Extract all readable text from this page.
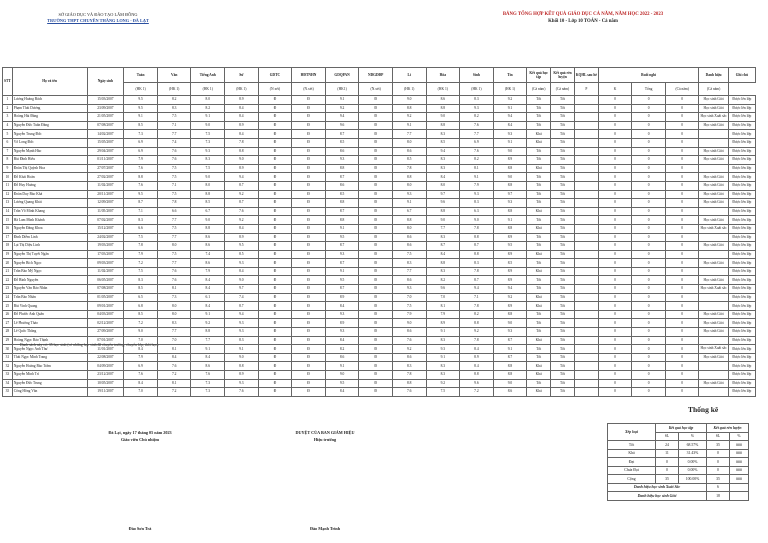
SỞ GIÁO DỤC VÀ ĐÀO TẠO LÂM ĐỒNG
TRƯỜNG THPT CHUYÊN THĂNG LONG - ĐÀ LẠT
BẢNG TỔNG HỢP KẾT QUẢ GIÁO DỤC CẢ NĂM, NĂM HỌC 2022 - 2023
Khối 10 - Lớp 10 TOÁN - Cả năm
STT	Họ và tên	Ngày sinh	Toán	Văn	Tiếng Anh	Sử	GDTC	HĐTNHN	GDQPAN	NDGDĐP	Lí	Hóa	Sinh	Tin	Kết quả học tập	Kết quả rèn luyện	KQHL sau hè	Buổi nghỉ			Danh hiệu	Ghi chú
			(HK 1)	(HK 1)	(HK 1)	(HK 1)	(N xét)	(N.xét)	(HK1)	(N.xét)	(HK 1)	(HK 1)	(HK 1)	(HK 1)	(Cả năm)	(Cả năm)	P	K	Tổng	(Cả năm)	(Cả năm)	
1	Lương Hoàng Bách	15/03/2007	9.5	8.2	8.0	8.9	Đ	Đ	9.1	Đ	9.0	8.6	8.3	9.2	Tốt	Tốt		0	0	0	Học sinh Giỏi	Được lên lớp
2	Phạm Thái Dương	23/09/2007	9.5	8.3	8.2	8.4	Đ	Đ	9.2	Đ	8.8	8.8	9.3	9.1	Tốt	Tốt		0	0	0	Học sinh Giỏi	Được lên lớp
3	Hoàng Hải Đăng	21/05/2007	9.1	7.5	9.1	8.4	Đ	Đ	9.4	Đ	9.2	9.0	8.2	9.4	Tốt	Tốt		0	0	0	Học sinh Xuất sắc	Được lên lớp
4	Nguyễn Đức Tuấn Đăng	07/08/2007	8.5	7.1	9.0	8.9	Đ	Đ	9.6	Đ	9.1	8.8	7.6	8.4	Tốt	Tốt		0	0	0	Học sinh Giỏi	Được lên lớp
5	Nguyễn Trung Đức	14/02/2007	7.3	7.7	7.5	8.4	Đ	Đ	8.7	Đ	7.7	8.3	7.7	9.3	Khá	Tốt		0	0	0		Được lên lớp
6	Võ Long Đức	15/05/2007	6.9	7.4	7.3	7.8	Đ	Đ	8.5	Đ	8.0	8.5	6.9	9.1	Khá	Tốt		0	0	0		Được lên lớp
7	Nguyễn Mạnh Hào	29/04/2007	6.9	7.6	9.3	8.8	Đ	Đ	8.6	Đ	8.6	9.4	7.6	9.0	Tốt	Tốt		0	0	0	Học sinh Giỏi	Được lên lớp
8	Bùi Đình Hiếu	01/11/2007	7.9	7.6	8.3	9.0	Đ	Đ	9.3	Đ	8.5	8.3	8.2	8.9	Tốt	Tốt		0	0	0	Học sinh Giỏi	Được lên lớp
9	Đoàn Thị Quỳnh Hoa	27/07/2007	7.6	7.5	7.5	8.9	Đ	Đ	8.8	Đ	7.8	8.3	8.1	8.8	Khá	Tốt		0	0	0		Được lên lớp
10	Đỗ Khải Hoàn	27/02/2007	8.8	7.5	9.0	9.4	Đ	Đ	8.7	Đ	8.8	8.4	9.1	9.0	Tốt	Tốt		0	0	0	Học sinh Giỏi	Được lên lớp
11	Đỗ Huy Hoàng	11/02/2007	7.6	7.1	8.0	8.7	Đ	Đ	8.6	Đ	8.0	8.0	7.9	8.8	Tốt	Tốt		0	0	0	Học sinh Giỏi	Được lên lớp
12	Đoàn Duy Bảo Khá	20/11/2007	9.5	7.5	8.8	9.2	Đ	Đ	8.5	Đ	9.3	9.7	9.3	9.7	Tốt	Tốt		0	0	0	Học sinh Giỏi	Được lên lớp
13	Lương Quang Khải	12/09/2007	8.7	7.8	8.5	8.7	Đ	Đ	8.8	Đ	9.1	9.6	8.3	9.3	Tốt	Tốt		0	0	0	Học sinh Giỏi	Được lên lớp
14	Trần Võ Minh Khang	11/05/2007	7.1	6.6	6.7	7.6	Đ	Đ	8.7	Đ	6.7	8.8	6.3	8.8	Khá	Tốt		0	0	0		Được lên lớp
15	Hà Lam Minh Khánh	07/02/2007	8.3	7.7	9.0	9.2	Đ	Đ	8.8	Đ	8.8	9.0	9.0	9.1	Tốt	Tốt		0	0	0	Học sinh Giỏi	Được lên lớp
16	Nguyễn Đăng Khoa	15/12/2007	6.6	7.5	8.8	8.4	Đ	Đ	9.1	Đ	8.0	7.7	7.8	8.8	Khá	Tốt		0	0	0	Học sinh Xuất sắc	Được lên lớp
17	Đinh Diễm Linh	24/02/2007	7.5	7.7	8.6	8.9	Đ	Đ	9.5	Đ	8.6	8.3	8.8	8.9	Tốt	Tốt		0	0	0		Được lên lớp
18	Lại Thị Diệu Linh	19/03/2007	7.8	8.0	8.6	9.5	Đ	Đ	8.7	Đ	8.6	8.7	8.7	9.5	Tốt	Tốt		0	0	0	Học sinh Giỏi	Được lên lớp
19	Nguyễn Thị Tuyết Ngân	17/03/2007	7.9	7.5	7.4	8.5	Đ	Đ	9.3	Đ	7.5	8.4	8.8	8.9	Khá	Tốt		0	0	0		Được lên lớp
20	Nguyễn Bích Ngọc	09/03/2007	7.2	7.7	8.6	9.3	Đ	Đ	8.7	Đ	8.3	8.8	8.3	8.5	Tốt	Tốt		0	0	0	Học sinh Giỏi	Được lên lớp
21	Trần Bảo Mỹ Ngọc	11/02/2007	7.5	7.6	7.9	8.4	Đ	Đ	9.1	Đ	7.7	8.3	7.8	8.9	Khá	Tốt		0	0	0		Được lên lớp
22	Đỗ Bình Nguyên	06/05/2007	8.3	7.6	8.4	9.0	Đ	Đ	9.5	Đ	8.6	8.2	8.7	8.9	Tốt	Tốt		0	0	0	Học sinh Giỏi	Được lên lớp
23	Nguyễn Văn Bảo Nhân	07/08/2007	8.5	8.1	8.4	9.7	Đ	Đ	8.7	Đ	9.3	9.6	9.4	9.4	Tốt	Tốt		0	0	0	Học sinh Xuất sắc	Được lên lớp
24	Trần Bảo Nhân	01/05/2007	6.5	7.3	6.1	7.4	Đ	Đ	8.9	Đ	7.0	7.0	7.1	9.2	Khá	Tốt		0	0	0		Được lên lớp
25	Bùi Vinh Quang	09/01/2007	6.8	8.0	8.4	8.7	Đ	Đ	8.4	Đ	7.5	8.1	7.8	8.9	Khá	Tốt		0	0	0		Được lên lớp
26	Đỗ Phước Anh Quân	04/03/2007	8.5	8.0	9.1	9.4	Đ	Đ	9.3	Đ	7.9	7.9	8.2	8.8	Tốt	Tốt		0	0	0	Học sinh Giỏi	Được lên lớp
27	Lê Phương Thảo	02/12/2007	7.2	8.3	9.2	9.3	Đ	Đ	8.9	Đ	9.0	8.9	8.8	9.0	Tốt	Tốt		0	0	0	Học sinh Giỏi	Được lên lớp
28	Lê Quốc Thắng	27/09/2007	9.0	7.7	8.8	9.3	Đ	Đ	9.3	Đ	8.6	9.1	9.2	9.3	Tốt	Tốt		0	0	0	Học sinh Giỏi	Được lên lớp
29	Hoàng Ngọc Bảo Thịnh	07/01/2007	7.0	7.0	7.7	8.3	Đ	Đ	8.4	Đ	7.6	8.3	7.8	8.7	Khá	Tốt		0	0	0		Được lên lớp
30	Nguyễn Ngọc Anh Thư	11/01/2007	8.4	8.1	9.1	9.1	Đ	Đ	8.2	Đ	9.2	9.3	8.4	9.1	Tốt	Tốt		0	0	0	Học sinh Xuất sắc	Được lên lớp
31	Thái Ngọc Minh Trang	22/08/2007	7.9	8.4	8.4	9.0	Đ	Đ	8.6	Đ	8.6	9.1	8.9	8.7	Tốt	Tốt		0	0	0	Học sinh Giỏi	Được lên lớp
32	Nguyễn Hoàng Bảo Trâm	04/09/2007	6.9	7.6	8.6	8.8	Đ	Đ	9.1	Đ	8.3	8.3	8.4	8.8	Khá	Tốt		0	0	0		Được lên lớp
33	Nguyễn Minh Trí	23/12/2007	7.6	7.2	7.6	8.9	Đ	Đ	9.0	Đ	7.8	8.3	8.8	8.8	Khá	Tốt		0	0	0		Được lên lớp
34	Nguyễn Đức Trung	10/05/2007	8.4	8.1	7.3	9.3	Đ	Đ	9.5	Đ	8.8	9.2	9.6	9.0	Tốt	Tốt		0	0	0	Học sinh Giỏi	Được lên lớp
35	Công Hồng Vân	19/11/2007	7.0	7.2	7.3	7.6	Đ	Đ	8.4	Đ	7.6	7.5	7.2	8.6	Khá	Tốt		0	0	0		Được lên lớp
Danh sách này có: 35 học sinh (có những học sinh đã chuyển trường, chuyển lớp, thôi học)
Thống kê
Đà Lạt, ngày 17 tháng 05 năm 2023
Giáo viên Chủ nhiệm
Đào Sơn Trà
DUYỆT CỦA BAN GIÁM HIỆU
Hiệu trưởng
Đào Mạnh Trinh
Xếp loại	Kết quả học tập		Kết quả rèn luyện	
	SL	%	SL	%
Tốt	24	68.57%	35	###
Khá	11	31.43%	0	###
Đạt	0	0.00%	0	###
Chưa Đạt	0	0.00%	0	###
Cộng	35	100.00%	35	###
Danh hiệu học sinh Xuất Sắc			6	
Danh hiệu học sinh Giỏi			18	
